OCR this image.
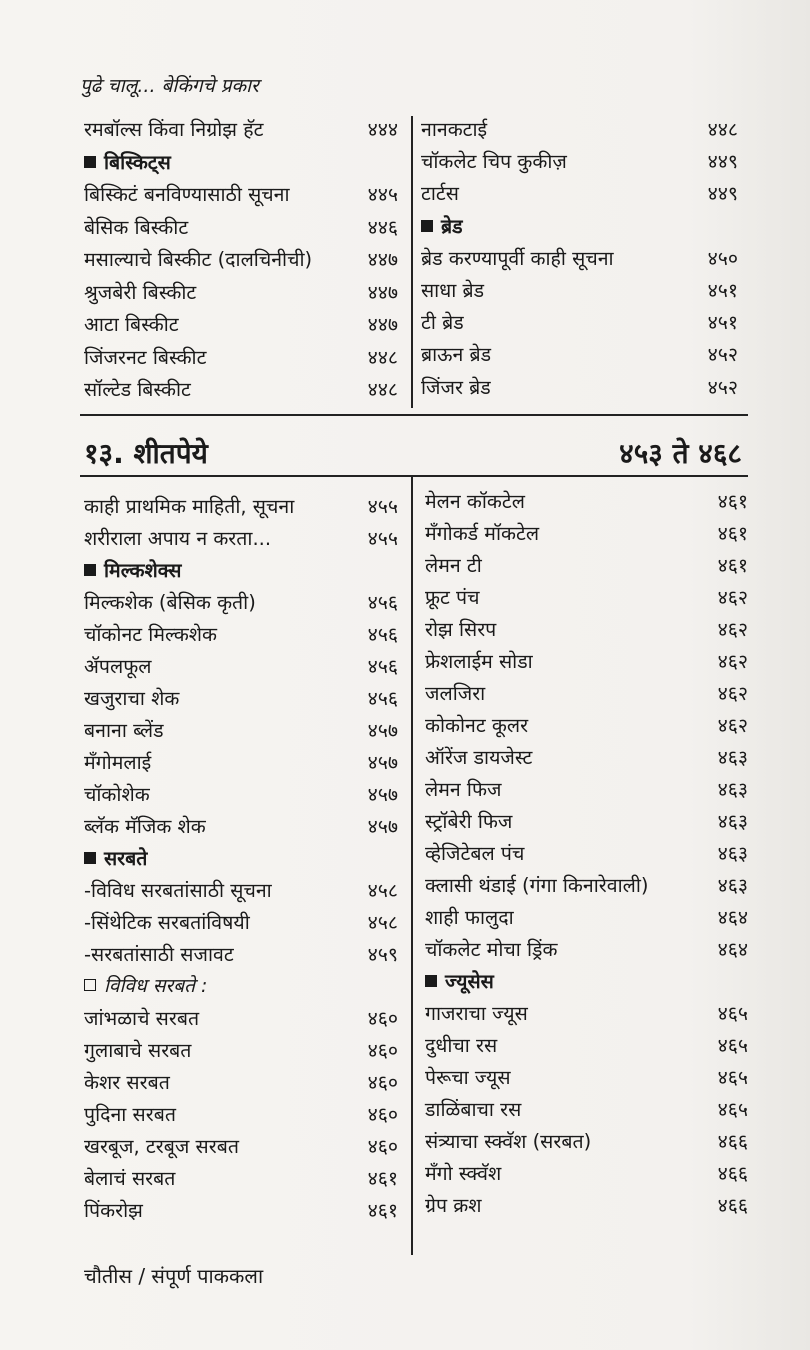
पुढे चालू... बेकिंगचे प्रकार
१३. शीतपेये	४५३ ते ४६८
रमबॉल्स किंवा निग्रोझ हॅट	४४४
बिस्किट्स
बिस्किटं बनविण्यासाठी सूचना	४४५
बेसिक बिस्कीट	४४६
मसाल्याचे बिस्कीट (दालचिनीची)	४४७
श्रुजबेरी बिस्कीट	४४७
आटा बिस्कीट	४४७
जिंजरनट बिस्कीट	४४८
सॉल्टेड बिस्कीट	४४८
नानकटाई	४४८
चॉकलेट चिप कुकीज़	४४९
टार्टस	४४९
ब्रेड
ब्रेड करण्यापूर्वी काही सूचना	४५०
साधा ब्रेड	४५१
टी ब्रेड	४५१
ब्राऊन ब्रेड	४५२
जिंजर ब्रेड	४५२
काही प्राथमिक माहिती, सूचना	४५५
शरीराला अपाय न करता...	४५५
मिल्कशेक्स
मिल्कशेक (बेसिक कृती)	४५६
चॉकोनट मिल्कशेक	४५६
ॲपलफूल	४५६
खजुराचा शेक	४५६
बनाना ब्लेंड	४५७
मँगोमलाई	४५७
चॉकोशेक	४५७
ब्लॅक मॅजिक शेक	४५७
सरबते
-विविध सरबतांसाठी सूचना	४५८
-सिंथेटिक सरबतांविषयी	४५८
-सरबतांसाठी सजावट	४५९
विविध सरबते :
जांभळाचे सरबत	४६०
गुलाबाचे सरबत	४६०
केशर सरबत	४६०
पुदिना सरबत	४६०
खरबूज, टरबूज सरबत	४६०
बेलाचं सरबत	४६१
पिंकरोझ	४६१
मेलन कॉकटेल	४६१
मँगोकर्ड मॉकटेल	४६१
लेमन टी	४६१
फ्रूट पंच	४६२
रोझ सिरप	४६२
फ्रेशलाईम सोडा	४६२
जलजिरा	४६२
कोकोनट कूलर	४६२
ऑरेंज डायजेस्ट	४६३
लेमन फिज	४६३
स्ट्रॉबेरी फिज	४६३
व्हेजिटेबल पंच	४६३
क्लासी थंडाई (गंगा किनारेवाली)	४६३
शाही फालुदा	४६४
चॉकलेट मोचा ड्रिंक	४६४
ज्यूसेस
गाजराचा ज्यूस	४६५
दुधीचा रस	४६५
पेरूचा ज्यूस	४६५
डाळिंबाचा रस	४६५
संत्र्याचा स्क्वॅश (सरबत)	४६६
मँगो स्क्वॅश	४६६
ग्रेप क्रश	४६६
चौतीस / संपूर्ण पाककला
